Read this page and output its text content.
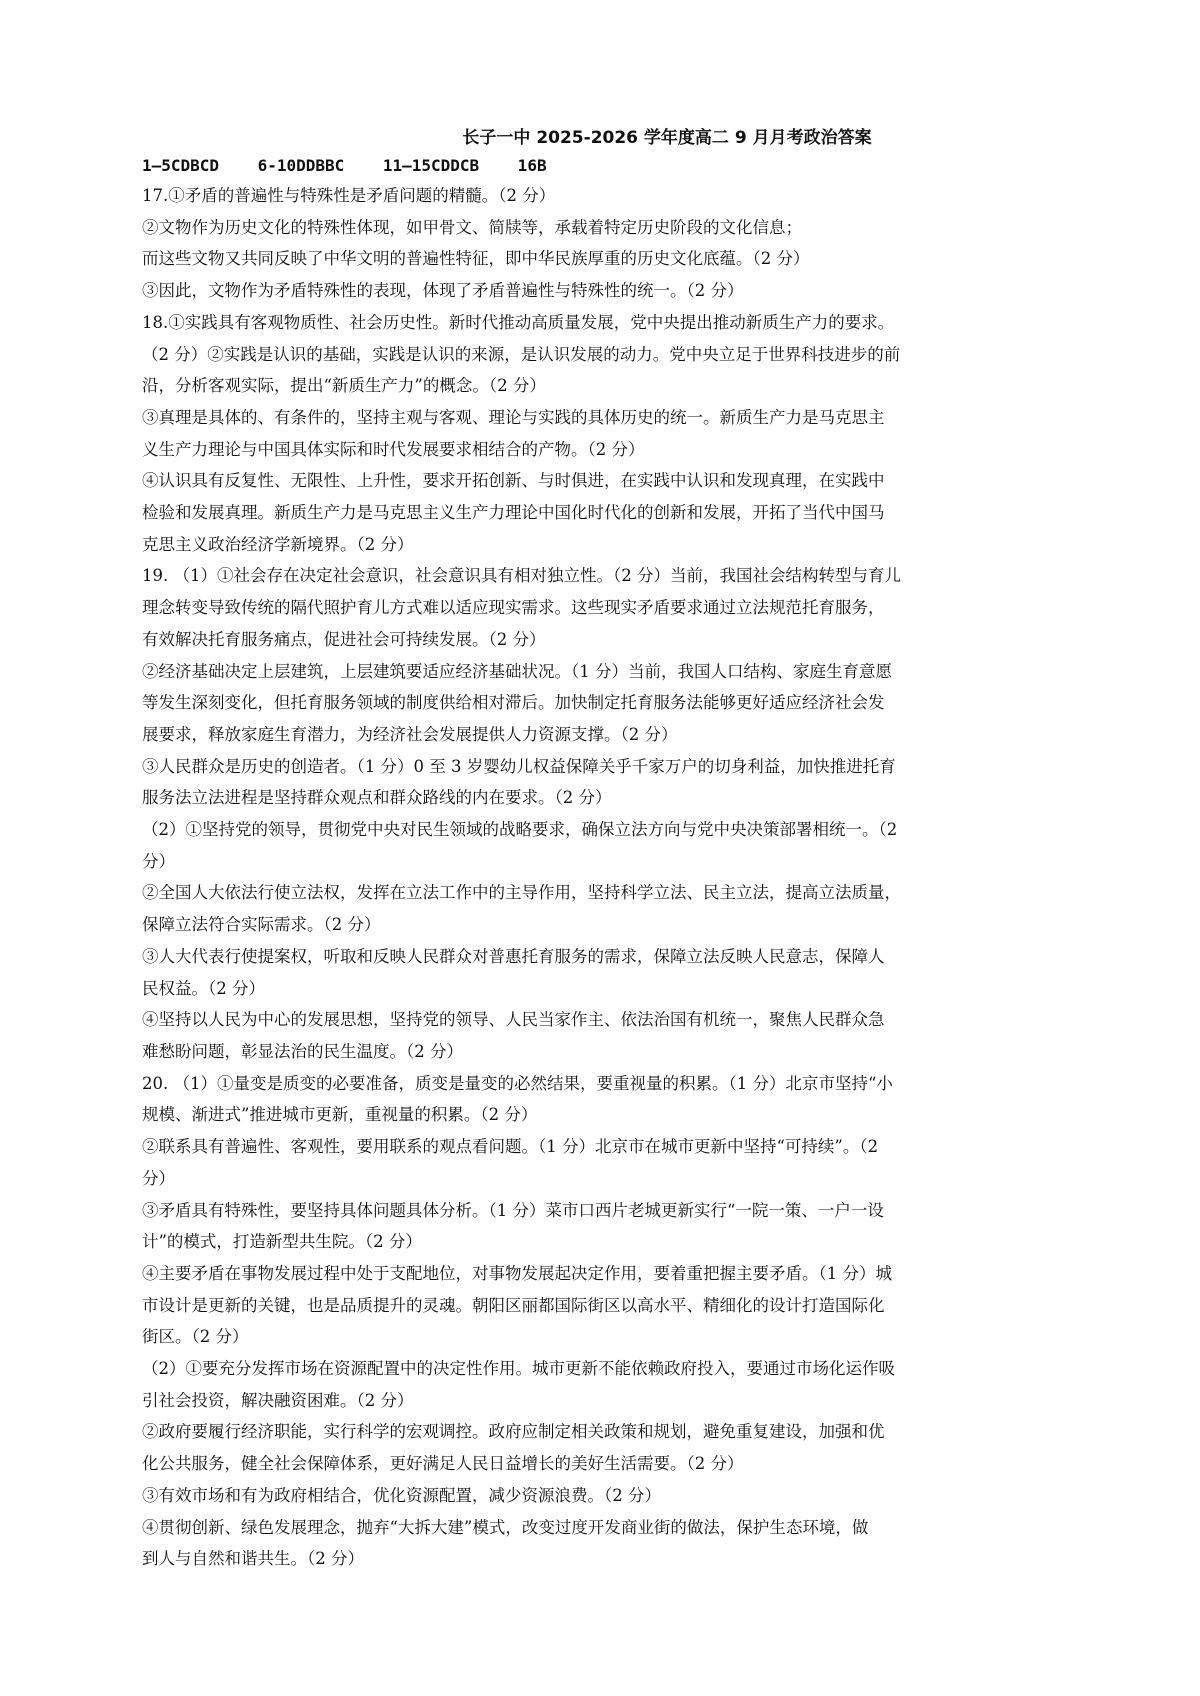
长子一中 2025-2026 学年度高二 9 月月考政治答案
1—5CDBCD    6-10DDBBC    11—15CDDCB    16B
17.①矛盾的普遍性与特殊性是矛盾问题的精髓。（2 分）
②文物作为历史文化的特殊性体现，如甲骨文、简牍等，承载着特定历史阶段的文化信息；
而这些文物又共同反映了中华文明的普遍性特征，即中华民族厚重的历史文化底蕴。（2 分）
③因此，文物作为矛盾特殊性的表现，体现了矛盾普遍性与特殊性的统一。（2 分）
18.①实践具有客观物质性、社会历史性。新时代推动高质量发展，党中央提出推动新质生产力的要求。
（2 分）②实践是认识的基础，实践是认识的来源，是认识发展的动力。党中央立足于世界科技进步的前
沿，分析客观实际，提出“新质生产力”的概念。（2 分）
③真理是具体的、有条件的，坚持主观与客观、理论与实践的具体历史的统一。新质生产力是马克思主
义生产力理论与中国具体实际和时代发展要求相结合的产物。（2 分）
④认识具有反复性、无限性、上升性，要求开拓创新、与时俱进，在实践中认识和发现真理，在实践中
检验和发展真理。新质生产力是马克思主义生产力理论中国化时代化的创新和发展，开拓了当代中国马
克思主义政治经济学新境界。（2 分）
19. （1）①社会存在决定社会意识，社会意识具有相对独立性。（2 分）当前，我国社会结构转型与育儿
理念转变导致传统的隔代照护育儿方式难以适应现实需求。这些现实矛盾要求通过立法规范托育服务，
有效解决托育服务痛点，促进社会可持续发展。（2 分）
②经济基础决定上层建筑，上层建筑要适应经济基础状况。（1 分）当前，我国人口结构、家庭生育意愿
等发生深刻变化，但托育服务领域的制度供给相对滞后。加快制定托育服务法能够更好适应经济社会发
展要求，释放家庭生育潜力，为经济社会发展提供人力资源支撑。（2 分）
③人民群众是历史的创造者。（1 分）0 至 3 岁婴幼儿权益保障关乎千家万户的切身利益，加快推进托育
服务法立法进程是坚持群众观点和群众路线的内在要求。（2 分）
（2）①坚持党的领导，贯彻党中央对民生领域的战略要求，确保立法方向与党中央决策部署相统一。（2
分）
②全国人大依法行使立法权，发挥在立法工作中的主导作用，坚持科学立法、民主立法，提高立法质量，
保障立法符合实际需求。（2 分）
③人大代表行使提案权，听取和反映人民群众对普惠托育服务的需求，保障立法反映人民意志，保障人
民权益。（2 分）
④坚持以人民为中心的发展思想，坚持党的领导、人民当家作主、依法治国有机统一，聚焦人民群众急
难愁盼问题，彰显法治的民生温度。（2 分）
20. （1）①量变是质变的必要准备，质变是量变的必然结果，要重视量的积累。（1 分）北京市坚持“小
规模、渐进式”推进城市更新，重视量的积累。（2 分）
②联系具有普遍性、客观性，要用联系的观点看问题。（1 分）北京市在城市更新中坚持“可持续”。（2
分）
③矛盾具有特殊性，要坚持具体问题具体分析。（1 分）菜市口西片老城更新实行“一院一策、一户一设
计”的模式，打造新型共生院。（2 分）
④主要矛盾在事物发展过程中处于支配地位，对事物发展起决定作用，要着重把握主要矛盾。（1 分）城
市设计是更新的关键，也是品质提升的灵魂。朝阳区丽都国际街区以高水平、精细化的设计打造国际化
街区。（2 分）
（2）①要充分发挥市场在资源配置中的决定性作用。城市更新不能依赖政府投入，要通过市场化运作吸
引社会投资，解决融资困难。（2 分）
②政府要履行经济职能，实行科学的宏观调控。政府应制定相关政策和规划，避免重复建设，加强和优
化公共服务，健全社会保障体系，更好满足人民日益增长的美好生活需要。（2 分）
③有效市场和有为政府相结合，优化资源配置，减少资源浪费。（2 分）
④贯彻创新、绿色发展理念，抛弃“大拆大建”模式，改变过度开发商业街的做法，保护生态环境，做
到人与自然和谐共生。（2 分）
